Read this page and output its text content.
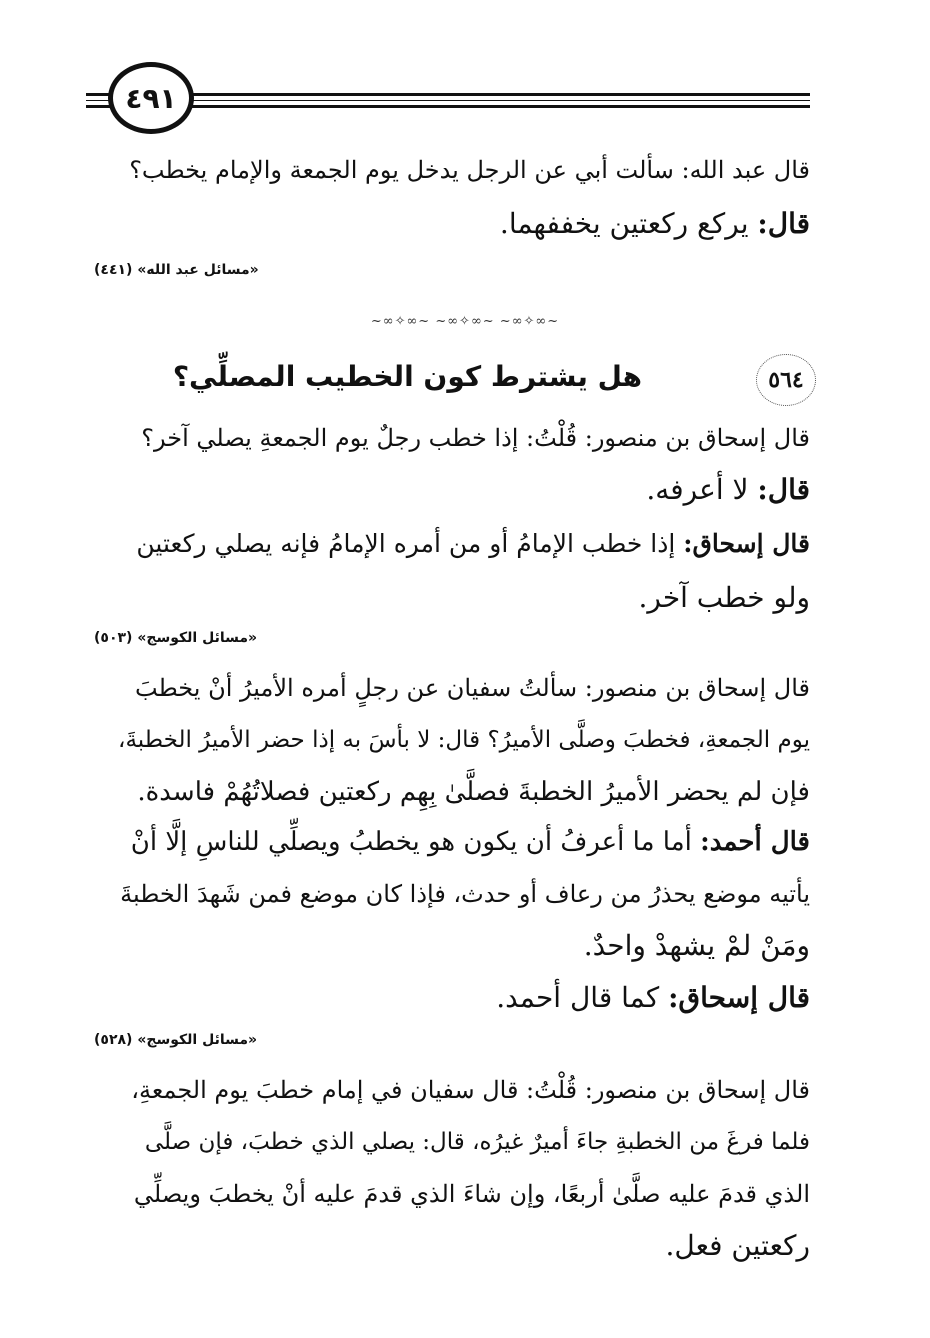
٤٩١
قال عبد الله: سألت أبي عن الرجل يدخل يوم الجمعة والإمام يخطب؟
قال: يركع ركعتين يخففهما.
«مسائل عبد الله» (٤٤١)
~∞✧∞~ ~∞✧∞~ ~∞✧∞~
٥٦٤
هل يشترط كون الخطيب المصلِّي؟
قال إسحاق بن منصور: قُلْتُ: إذا خطب رجلٌ يوم الجمعةِ يصلي آخر؟
قال: لا أعرفه.
قال إسحاق: إذا خطب الإمامُ أو من أمره الإمامُ فإنه يصلي ركعتين
ولو خطب آخر.
«مسائل الكوسج» (٥٠٣)
قال إسحاق بن منصور: سألتُ سفيان عن رجلٍ أمره الأميرُ أنْ يخطبَ
يوم الجمعةِ، فخطبَ وصلَّى الأميرُ؟ قال: لا بأسَ به إذا حضر الأميرُ الخطبةَ،
فإن لم يحضر الأميرُ الخطبةَ فصلَّىٰ بِهِم ركعتين فصلاتُهُمْ فاسدة.
قال أحمد: أما ما أعرفُ أن يكون هو يخطبُ ويصلِّي للناسِ إلَّا أنْ
يأتيه موضع يحذرُ من رعاف أو حدث، فإذا كان موضع فمن شَهدَ الخطبةَ
ومَنْ لمْ يشهدْ واحدٌ.
قال إسحاق: كما قال أحمد.
«مسائل الكوسج» (٥٢٨)
قال إسحاق بن منصور: قُلْتُ: قال سفيان في إمام خطبَ يوم الجمعةِ،
فلما فرغَ من الخطبةِ جاءَ أميرٌ غيرُه، قال: يصلي الذي خطبَ، فإن صلَّى
الذي قدمَ عليه صلَّىٰ أربعًا، وإن شاءَ الذي قدمَ عليه أنْ يخطبَ ويصلِّي
ركعتين فعل.
